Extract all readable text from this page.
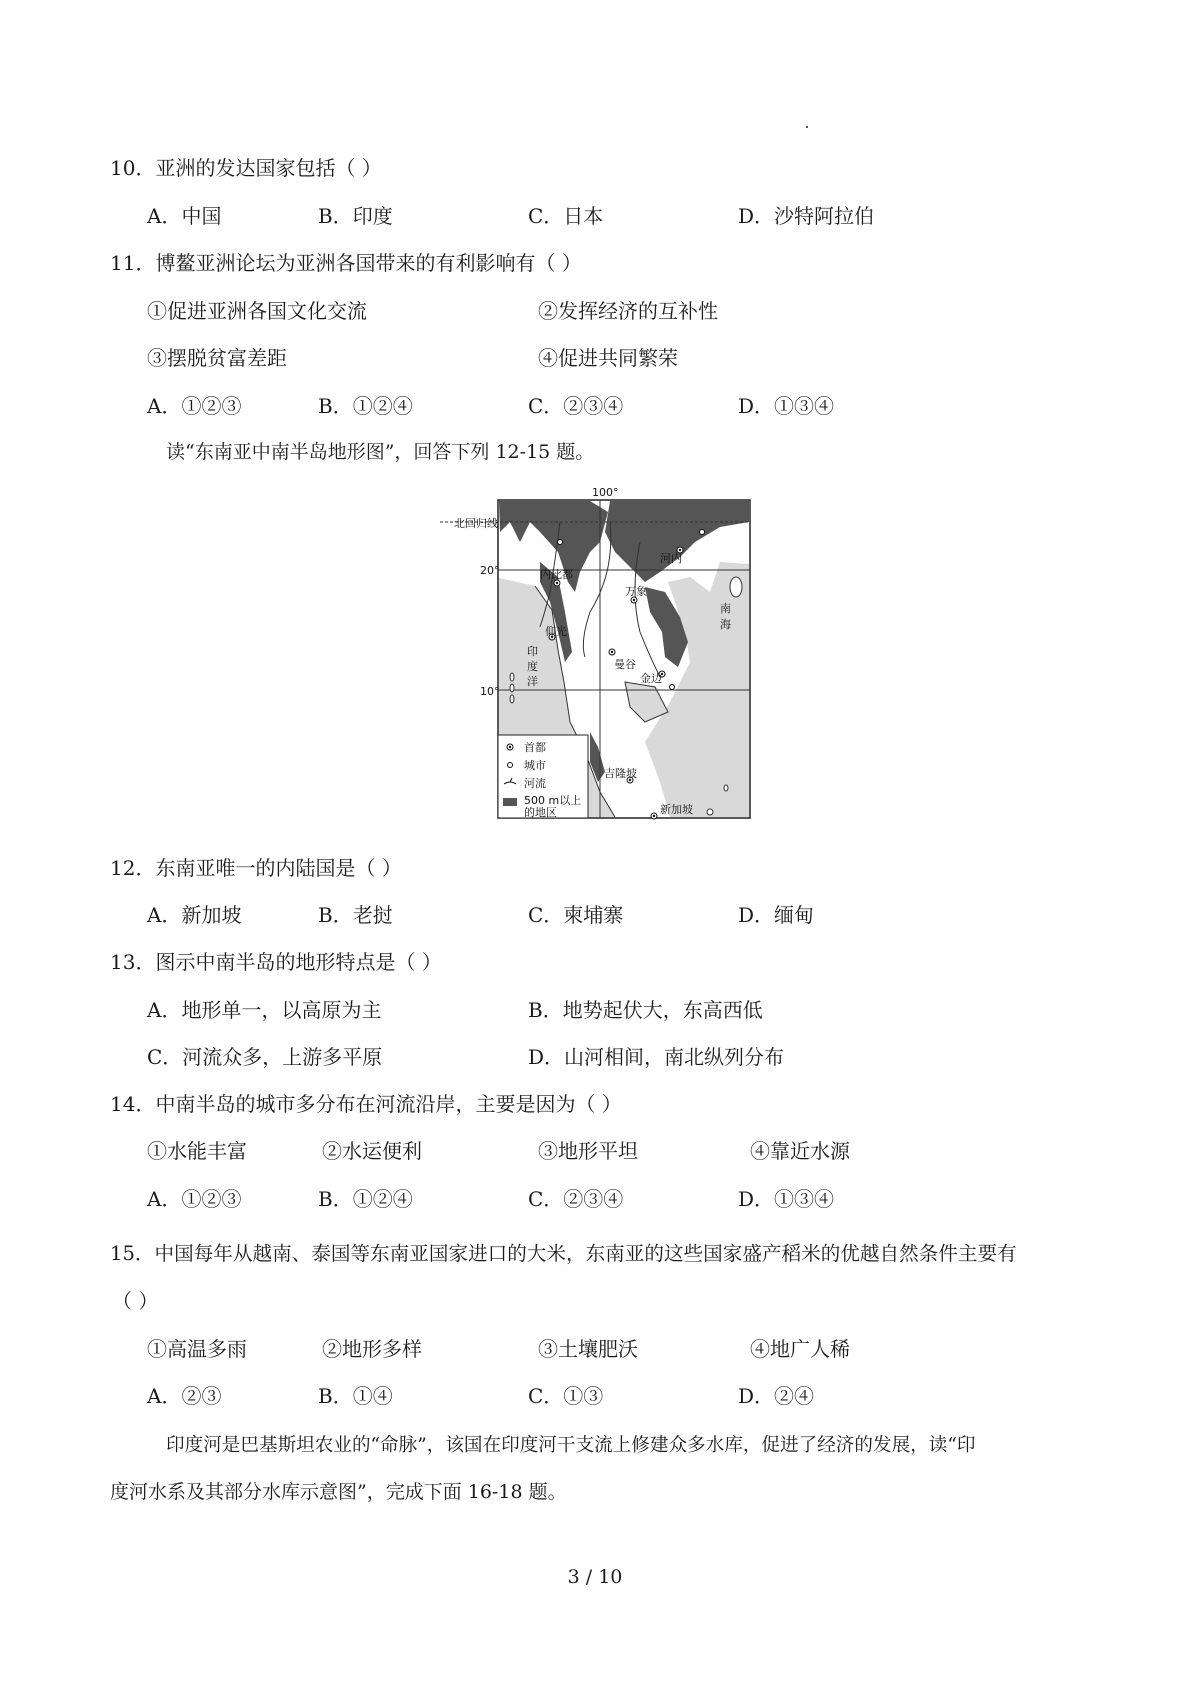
10．亚洲的发达国家包括（ ）
A．中国	B．印度	C．日本	D．沙特阿拉伯
11．博鳌亚洲论坛为亚洲各国带来的有利影响有（ ）
①促进亚洲各国文化交流	②发挥经济的互补性
③摆脱贫富差距	④促进共同繁荣
A．①②③	B．①②④	C．②③④	D．①③④
读“东南亚中南半岛地形图”，回答下列 12-15 题。
100°
北回归线
20°
10°
内比都
河内
万象
仰光
曼谷
金边
吉隆坡
新加坡
南
海
印
度
洋
首都
城市
河流
500 m以上
的地区
12．东南亚唯一的内陆国是（ ）
A．新加坡	B．老挝	C．柬埔寨	D．缅甸
13．图示中南半岛的地形特点是（ ）
A．地形单一，以高原为主	B．地势起伏大，东高西低
C．河流众多，上游多平原	D．山河相间，南北纵列分布
14．中南半岛的城市多分布在河流沿岸，主要是因为（ ）
①水能丰富	②水运便利	③地形平坦	④靠近水源
A．①②③	B．①②④	C．②③④	D．①③④
15．中国每年从越南、泰国等东南亚国家进口的大米，东南亚的这些国家盛产稻米的优越自然条件主要有
（ ）
①高温多雨	②地形多样	③土壤肥沃	④地广人稀
A．②③	B．①④	C．①③	D．②④
印度河是巴基斯坦农业的“命脉”，该国在印度河干支流上修建众多水库，促进了经济的发展，读“印
度河水系及其部分水库示意图”，完成下面 16-18 题。
3 / 10
